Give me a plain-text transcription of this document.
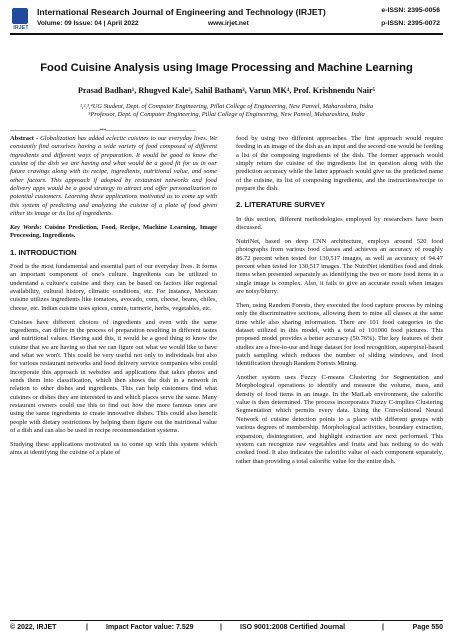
IRJET
International Research Journal of Engineering and Technology (IRJET)
Volume: 09 Issue: 04 | April 2022	www.irjet.net
e-ISSN: 2395-0056
p-ISSN: 2395-0072
Food Cuisine Analysis using Image Processing and Machine Learning
Prasad Badhan¹, Rhugved Kale², Sahil Batham³, Varun MK⁴, Prof. Krishnendu Nair⁵
¹,²,³,⁴UG Student, Dept. of Computer Engineering, Pillai College of Engineering, New Panvel, Maharashtra, India
⁵Professor, Dept. of Computer Engineering, Pillai College of Engineering, New Panvel, Maharashtra, India
---------------------------------------------------------------------***---------------------------------------------------------------------

Abstract - Globalization has added eclectic cuisines to our everyday lives. We constantly find ourselves having a wide variety of food composed of different ingredients and different ways of preparation. It would be good to know the cuisine of the dish we are having and what would be a good fit for us in our future cravings along with its recipe, ingredients, nutritional value, and some other factors. This approach if adopted by restaurant networks and food delivery apps would be a good strategy to attract and offer personalization to potential customers. Learning these applications motivated us to come up with this system of predicting and analyzing the cuisine of a plate of food given either its image or its list of ingredients.

Key Words: Cuisine Prediction, Food, Recipe, Machine Learning, Image Processing, Ingredients.

1. INTRODUCTION

Food is the most fundamental and essential part of our everyday lives. It forms an important component of one's culture. Ingredients can be utilized to understand a culture's cuisine and they can be based on factors like regional availability, cultural history, climatic conditions, etc. For instance, Mexican cuisine utilizes ingredients like tomatoes, avocado, corn, cheese, beans, chiles, cheese, etc. Indian cuisine uses spices, cumin, turmeric, herbs, vegetables, etc.

Cuisines have different choices of ingredients and even with the same ingredients, can differ in the process of preparation resulting in different tastes and nutritional values. Having said this, it would be a good thing to know the cuisine that we are having so that we can figure out what we would like to have and what we won't. This could be very useful not only to individuals but also for various restaurant networks and food delivery service companies who could incorporate this approach in websites and applications that takes photos and sends them into classification, which then shows the dish in a network in relation to other dishes and ingredients. This can help customers find what cuisines or dishes they are interested in and which places serve the same. Many restaurant owners could use this to find out how the more famous ones are using the same ingredients to create innovative dishes. This could also benefit people with dietary restrictions by helping them figure out the nutritional value of a dish and can also be used in recipe recommendation systems.

Studying these applications motivated us to come up with this system which aims at identifying the cuisine of a plate of

food by using two different approaches. The first approach would require feeding in an image of the dish as an input and the second one would be feeding a list of the composing ingredients of the dish. The former approach would simply return the cuisine of the ingredients list in question along with the prediction accuracy while the latter approach would give us the predicted name of the cuisine, its list of composing ingredients, and the instructions/recipe to prepare the dish.

2. LITERATURE SURVEY

In this section, different methodologies employed by researchers have been discussed.

NutriNet, based on deep CNN architecture, employs around 520 food photographs from various food classes and achieves an accuracy of roughly 86.72 percent when tested for 130,517 images, as well as accuracy of 94.47 percent when tested for 130,517 images. The NutriNet identifies food and drink items when presented separately as identifying the two or more food items in a single image is complex. Also, it fails to give an accurate result when images are noisy/blurry.

Then, using Random Forests, they executed the food capture process by mining only the discriminative sections, allowing them to mine all classes at the same time while also sharing information. There are 101 food categories in the dataset utilized in this model, with a total of 101000 food pictures. This proposed model provides a better accuracy (50.76%). The key features of their studies are a free-to-use and huge dataset for food recognition, superpixel-based patch sampling which reduces the number of sliding windows, and food identification through Random Forests Mining.

Another system uses Fuzzy C-means Clustering for Segmentation and Morphological operations to identify and measure the volume, mass, and density of food items in an image. In the MatLab environment, the calorific value is then determined. The process incorporates Fuzzy C-implies Clustering Segmentation which permits every data. Using the Convolutional Neural Network of cuisine detection points to a place with different groups with various degrees of membership. Morphological activities, boundary extraction, expansion, disintegration, and highlight extraction are next performed. This system can recognize raw vegetables and fruits and has nothing to do with cooked food. It also indicates the calorific value of each component separately, rather than providing a total calorific value for the entire dish.

© 2022, IRJET	|	Impact Factor value: 7.529	|	ISO 9001:2008 Certified Journal	|	Page 550
